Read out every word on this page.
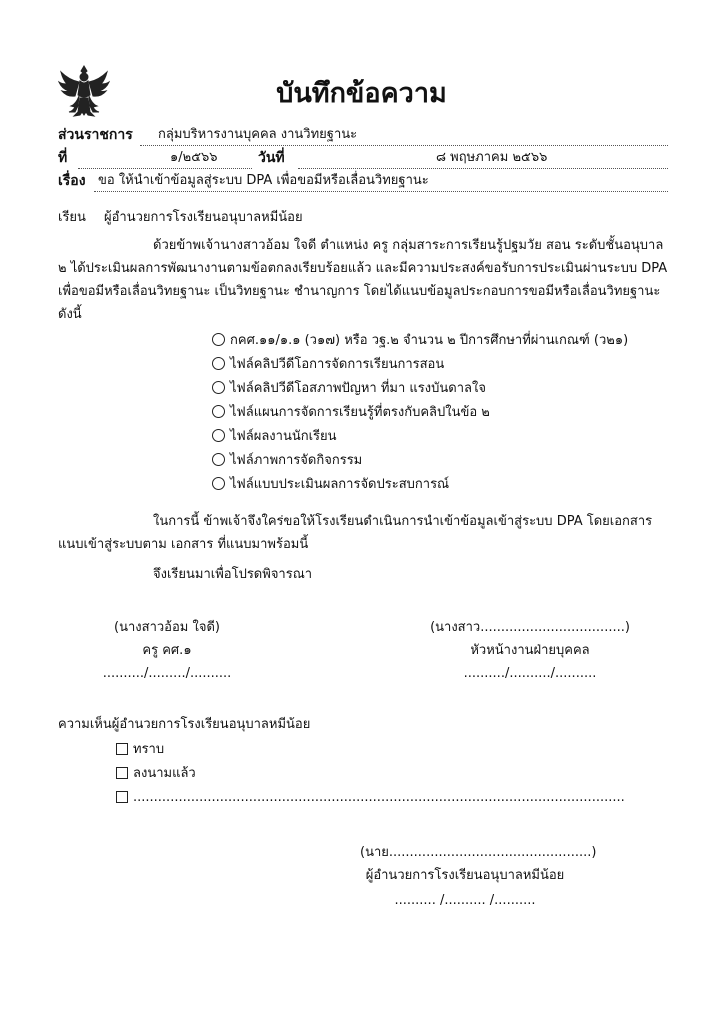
บันทึกข้อความ
ส่วนราชการ กลุ่มบริหารงานบุคคล งานวิทยฐานะ
ที่	๑/๒๕๖๖	วันที่	๘ พฤษภาคม ๒๕๖๖
เรื่อง ขอ ให้นำเข้าข้อมูลสู่ระบบ DPA เพื่อขอมีหรือเลื่อนวิทยฐานะ
เรียน ผู้อำนวยการโรงเรียนอนุบาลหมีน้อย
ด้วยข้าพเจ้านางสาวอ้อม ใจดี ตำแหน่ง ครู กลุ่มสาระการเรียนรู้ปฐมวัย สอน ระดับชั้นอนุบาล ๒ ได้ประเมินผลการพัฒนางานตามข้อตกลงเรียบร้อยแล้ว และมีความประสงค์ขอรับการประเมินผ่านระบบ DPA เพื่อขอมีหรือเลื่อนวิทยฐานะ เป็นวิทยฐานะ ชำนาญการ โดยได้แนบข้อมูลประกอบการขอมีหรือเลื่อนวิทยฐานะ ดังนี้
กคศ.๑๑/๑.๑ (ว๑๗) หรือ วฐ.๒ จำนวน ๒ ปีการศึกษาที่ผ่านเกณฑ์ (ว๒๑)
ไฟล์คลิปวีดีโอการจัดการเรียนการสอน
ไฟล์คลิปวีดีโอสภาพปัญหา ที่มา แรงบันดาลใจ
ไฟล์แผนการจัดการเรียนรู้ที่ตรงกับคลิปในข้อ ๒
ไฟล์ผลงานนักเรียน
ไฟล์ภาพการจัดกิจกรรม
ไฟล์แบบประเมินผลการจัดประสบการณ์
ในการนี้ ข้าพเจ้าจึงใคร่ขอให้โรงเรียนดำเนินการนำเข้าข้อมูลเข้าสู่ระบบ DPA โดยเอกสารแนบเข้าสู่ระบบตาม เอกสาร ที่แนบมาพร้อมนี้
จึงเรียนมาเพื่อโปรดพิจารณา
(นางสาวอ้อม ใจดี)
ครู คศ.๑
........../........./..........
(นางสาว...................................)
หัวหน้างานฝ่ายบุคคล
........../........../..........
ความเห็นผู้อำนวยการโรงเรียนอนุบาลหมีน้อย
ทราบ
ลงนามแล้ว
.......................................................................................................................
(นาย.................................................)
ผู้อำนวยการโรงเรียนอนุบาลหมีน้อย
.......... /.......... /..........
